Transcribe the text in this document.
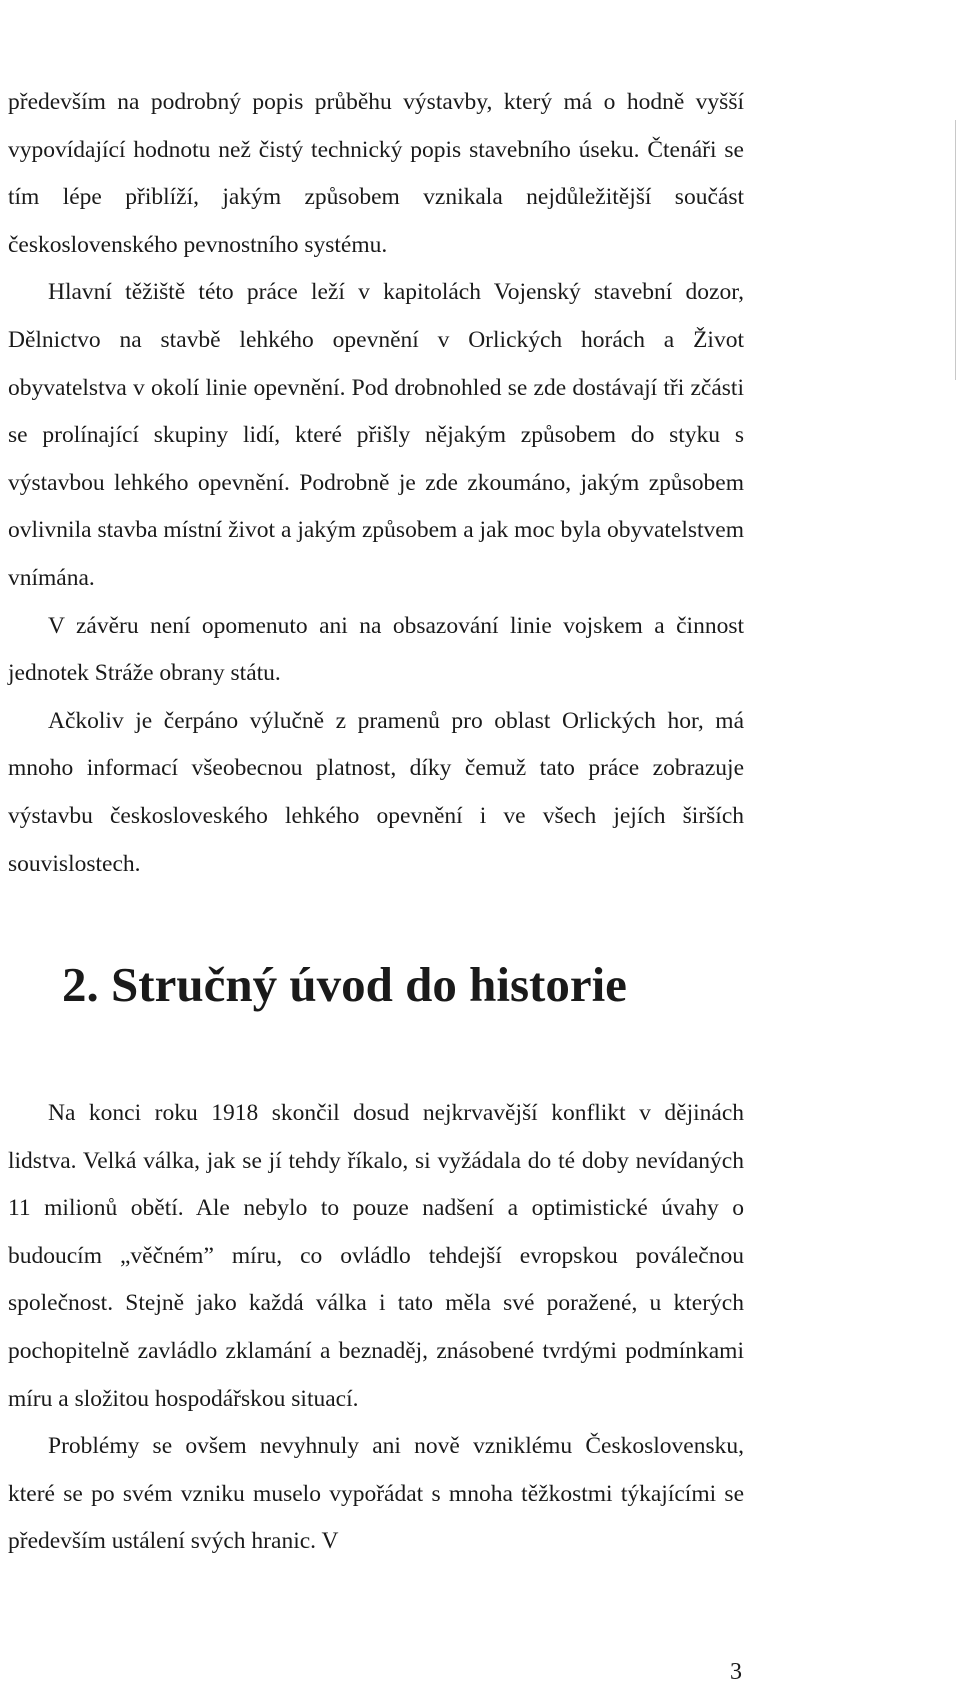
především na podrobný popis průběhu výstavby, který má o hodně vyšší vypovídající hodnotu než čistý technický popis stavebního úseku. Čtenáři se tím lépe přiblíží, jakým způsobem vznikala nejdůležitější součást československého pevnostního systému.

Hlavní těžiště této práce leží v kapitolách Vojenský stavební dozor, Dělnictvo na stavbě lehkého opevnění v Orlických horách a Život obyvatelstva v okolí linie opevnění. Pod drobnohled se zde dostávají tři zčásti se prolínající skupiny lidí, které přišly nějakým způsobem do styku s výstavbou lehkého opevnění. Podrobně je zde zkoumáno, jakým způsobem ovlivnila stavba místní život a jakým způsobem a jak moc byla obyvatelstvem vnímána.

V závěru není opomenuto ani na obsazování linie vojskem a činnost jednotek Stráže obrany státu.

Ačkoliv je čerpáno výlučně z pramenů pro oblast Orlických hor, má mnoho informací všeobecnou platnost, díky čemuž tato práce zobrazuje výstavbu českosloveského lehkého opevnění i ve všech jejích širších souvislostech.

2. Stručný úvod do historie

Na konci roku 1918 skončil dosud nejkrvavější konflikt v dějinách lidstva. Velká válka, jak se jí tehdy říkalo, si vyžádala do té doby nevídaných 11 milionů obětí. Ale nebylo to pouze nadšení a optimistické úvahy o budoucím „věčném” míru, co ovládlo tehdejší evropskou poválečnou společnost. Stejně jako každá válka i tato měla své poražené, u kterých pochopitelně zavládlo zklamání a beznaděj, znásobené tvrdými podmínkami míru a složitou hospodářskou situací.

Problémy se ovšem nevyhnuly ani nově vzniklému Československu, které se po svém vzniku muselo vypořádat s mnoha těžkostmi týkajícími se především ustálení svých hranic. V

3
